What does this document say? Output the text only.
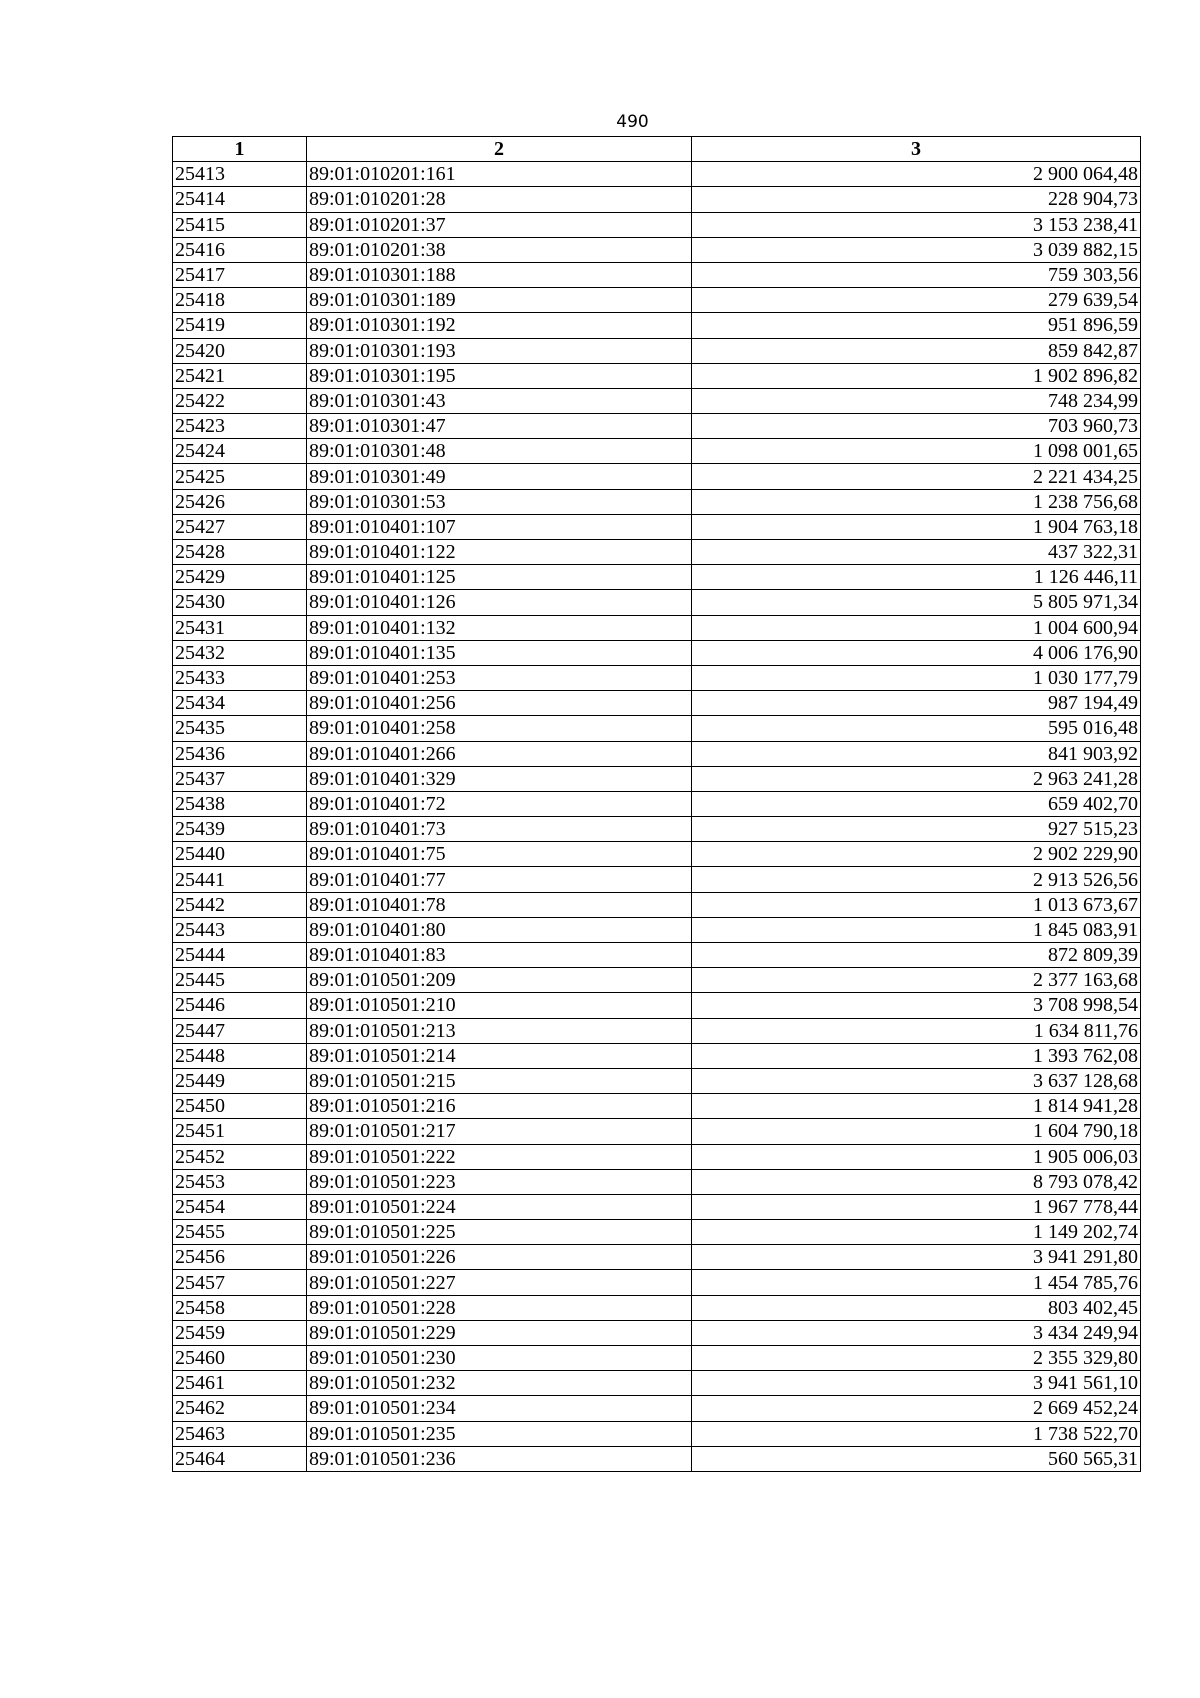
490
1	2	3
25413	89:01:010201:161	2 900 064,48
25414	89:01:010201:28	228 904,73
25415	89:01:010201:37	3 153 238,41
25416	89:01:010201:38	3 039 882,15
25417	89:01:010301:188	759 303,56
25418	89:01:010301:189	279 639,54
25419	89:01:010301:192	951 896,59
25420	89:01:010301:193	859 842,87
25421	89:01:010301:195	1 902 896,82
25422	89:01:010301:43	748 234,99
25423	89:01:010301:47	703 960,73
25424	89:01:010301:48	1 098 001,65
25425	89:01:010301:49	2 221 434,25
25426	89:01:010301:53	1 238 756,68
25427	89:01:010401:107	1 904 763,18
25428	89:01:010401:122	437 322,31
25429	89:01:010401:125	1 126 446,11
25430	89:01:010401:126	5 805 971,34
25431	89:01:010401:132	1 004 600,94
25432	89:01:010401:135	4 006 176,90
25433	89:01:010401:253	1 030 177,79
25434	89:01:010401:256	987 194,49
25435	89:01:010401:258	595 016,48
25436	89:01:010401:266	841 903,92
25437	89:01:010401:329	2 963 241,28
25438	89:01:010401:72	659 402,70
25439	89:01:010401:73	927 515,23
25440	89:01:010401:75	2 902 229,90
25441	89:01:010401:77	2 913 526,56
25442	89:01:010401:78	1 013 673,67
25443	89:01:010401:80	1 845 083,91
25444	89:01:010401:83	872 809,39
25445	89:01:010501:209	2 377 163,68
25446	89:01:010501:210	3 708 998,54
25447	89:01:010501:213	1 634 811,76
25448	89:01:010501:214	1 393 762,08
25449	89:01:010501:215	3 637 128,68
25450	89:01:010501:216	1 814 941,28
25451	89:01:010501:217	1 604 790,18
25452	89:01:010501:222	1 905 006,03
25453	89:01:010501:223	8 793 078,42
25454	89:01:010501:224	1 967 778,44
25455	89:01:010501:225	1 149 202,74
25456	89:01:010501:226	3 941 291,80
25457	89:01:010501:227	1 454 785,76
25458	89:01:010501:228	803 402,45
25459	89:01:010501:229	3 434 249,94
25460	89:01:010501:230	2 355 329,80
25461	89:01:010501:232	3 941 561,10
25462	89:01:010501:234	2 669 452,24
25463	89:01:010501:235	1 738 522,70
25464	89:01:010501:236	560 565,31
